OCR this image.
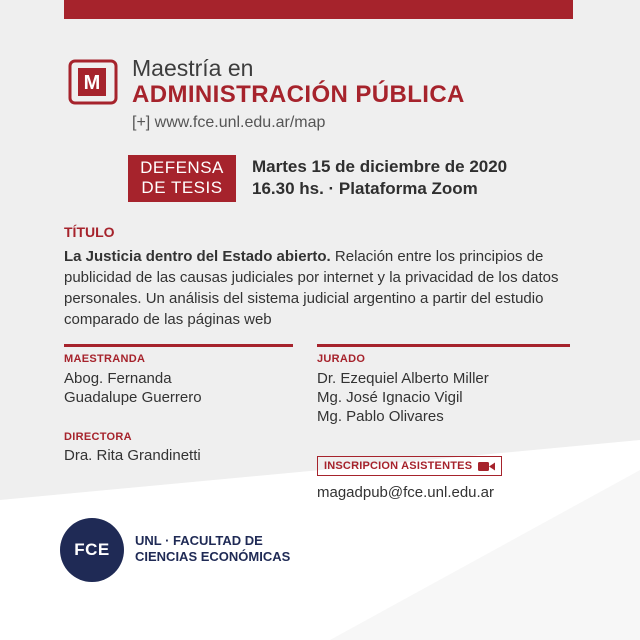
M
Maestría en
ADMINISTRACIÓN PÚBLICA
[+] www.fce.unl.edu.ar/map
DEFENSA
DE TESIS
Martes 15 de diciembre de 2020
16.30 hs. · Plataforma Zoom
TÍTULO
La Justicia dentro del Estado abierto. Relación entre los principios de publicidad de las causas judiciales por internet y la privacidad de los datos personales. Un análisis del sistema judicial argentino a partir del estudio comparado de las páginas web
MAESTRANDA
Abog. Fernanda
Guadalupe Guerrero
DIRECTORA
Dra. Rita Grandinetti
JURADO
Dr. Ezequiel Alberto Miller
Mg. José Ignacio Vigil
Mg. Pablo Olivares
INSCRIPCION ASISTENTES
magadpub@fce.unl.edu.ar
FCE UNL · FACULTAD DE
CIENCIAS ECONÓMICAS
